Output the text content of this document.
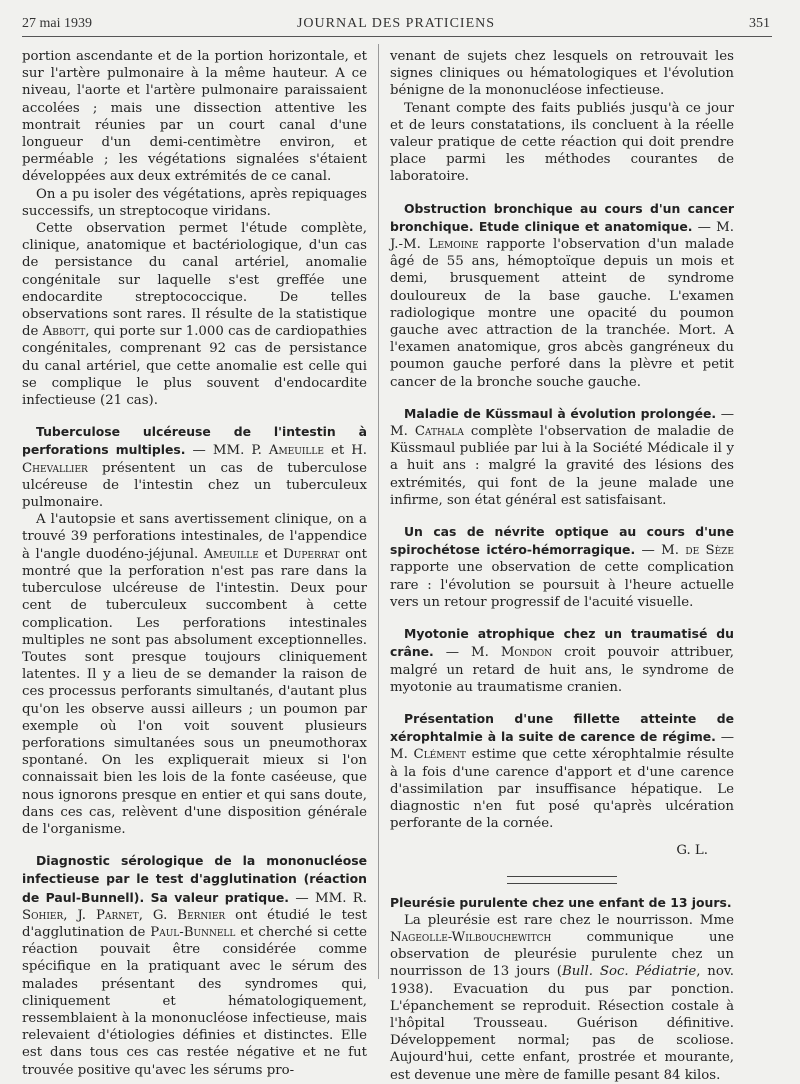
27 mai 1939	JOURNAL DES PRATICIENS	351

portion ascendante et de la portion horizontale, et sur l'artère pulmonaire à la même hauteur. A ce niveau, l'aorte et l'artère pulmonaire paraissaient accolées ; mais une dissection attentive les montrait réunies par un court canal d'une longueur d'un demi-centimètre environ, et perméable ; les végétations signalées s'étaient développées aux deux extrémités de ce canal.

On a pu isoler des végétations, après repiquages successifs, un streptocoque viridans.

Cette observation permet l'étude complète, clinique, anatomique et bactériologique, d'un cas de persistance du canal artériel, anomalie congénitale sur laquelle s'est greffée une endocardite streptococcique. De telles observations sont rares. Il résulte de la statistique de Abbott, qui porte sur 1.000 cas de cardiopathies congénitales, comprenant 92 cas de persistance du canal artériel, que cette anomalie est celle qui se complique le plus souvent d'endocardite infectieuse (21 cas).

Tuberculose ulcéreuse de l'intestin à perforations multiples. — MM. P. Ameuille et H. Chevallier présentent un cas de tuberculose ulcéreuse de l'intestin chez un tuberculeux pulmonaire.

A l'autopsie et sans avertissement clinique, on a trouvé 39 perforations intestinales, de l'appendice à l'angle duodéno-jéjunal. Ameuille et Duperrat ont montré que la perforation n'est pas rare dans la tuberculose ulcéreuse de l'intestin. Deux pour cent de tuberculeux succombent à cette complication. Les perforations intestinales multiples ne sont pas absolument exceptionnelles. Toutes sont presque toujours cliniquement latentes. Il y a lieu de se demander la raison de ces processus perforants simultanés, d'autant plus qu'on les observe aussi ailleurs ; un poumon par exemple où l'on voit souvent plusieurs perforations simultanées sous un pneumothorax spontané. On les expliquerait mieux si l'on connaissait bien les lois de la fonte caséeuse, que nous ignorons presque en entier et qui sans doute, dans ces cas, relèvent d'une disposition générale de l'organisme.

Diagnostic sérologique de la mononucléose infectieuse par le test d'agglutination (réaction de Paul-Bunnell). Sa valeur pratique. — MM. R. Sohier, J. Parnet, G. Bernier ont étudié le test d'agglutination de Paul-Bunnell et cherché si cette réaction pouvait être considérée comme spécifique en la pratiquant avec le sérum des malades présentant des syndromes qui, cliniquement et hématologiquement, ressemblaient à la mononucléose infectieuse, mais relevaient d'étiologies définies et distinctes. Elle est dans tous ces cas restée négative et ne fut trouvée positive qu'avec les sérums pro-

venant de sujets chez lesquels on retrouvait les signes cliniques ou hématologiques et l'évolution bénigne de la mononucléose infectieuse.

Tenant compte des faits publiés jusqu'à ce jour et de leurs constatations, ils concluent à la réelle valeur pratique de cette réaction qui doit prendre place parmi les méthodes courantes de laboratoire.

Obstruction bronchique au cours d'un cancer bronchique. Etude clinique et anatomique. — M. J.-M. Lemoine rapporte l'observation d'un malade âgé de 55 ans, hémoptoïque depuis un mois et demi, brusquement atteint de syndrome douloureux de la base gauche. L'examen radiologique montre une opacité du poumon gauche avec attraction de la tranchée. Mort. A l'examen anatomique, gros abcès gangréneux du poumon gauche perforé dans la plèvre et petit cancer de la bronche souche gauche.

Maladie de Küssmaul à évolution prolongée. — M. Cathala complète l'observation de maladie de Küssmaul publiée par lui à la Société Médicale il y a huit ans : malgré la gravité des lésions des extrémités, qui font de la jeune malade une infirme, son état général est satisfaisant.

Un cas de névrite optique au cours d'une spirochétose ictéro-hémorragique. — M. de Sèze rapporte une observation de cette complication rare : l'évolution se poursuit à l'heure actuelle vers un retour progressif de l'acuité visuelle.

Myotonie atrophique chez un traumatisé du crâne. — M. Mondon croit pouvoir attribuer, malgré un retard de huit ans, le syndrome de myotonie au traumatisme cranien.

Présentation d'une fillette atteinte de xérophtalmie à la suite de carence de régime. — M. Clément estime que cette xérophtalmie résulte à la fois d'une carence d'apport et d'une carence d'assimilation par insuffisance hépatique. Le diagnostic n'en fut posé qu'après ulcération perforante de la cornée.

G. L.

Pleurésie purulente chez une enfant de 13 jours.

La pleurésie est rare chez le nourrisson. Mme Nageolle-Wilbouchewitch communique une observation de pleurésie purulente chez un nourrisson de 13 jours (Bull. Soc. Pédiatrie, nov. 1938). Evacuation du pus par ponction. L'épanchement se reproduit. Résection costale à l'hôpital Trousseau. Guérison définitive. Développement normal; pas de scoliose. Aujourd'hui, cette enfant, prostrée et mourante, est devenue une mère de famille pesant 84 kilos.
